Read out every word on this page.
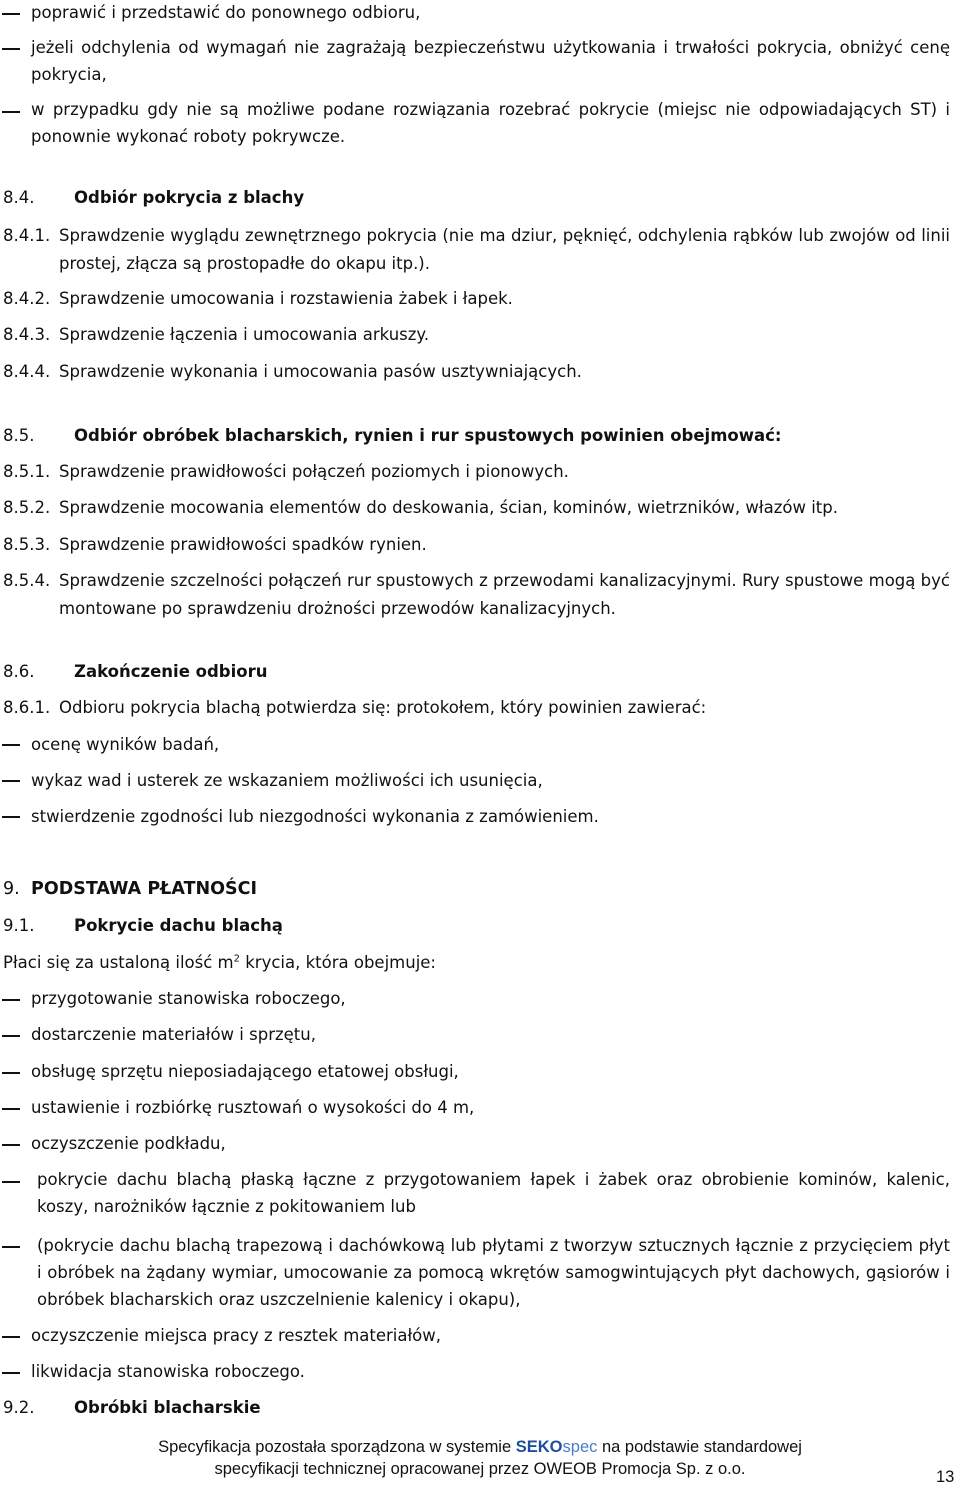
poprawić i przedstawić do ponownego odbioru,
jeżeli odchylenia od wymagań nie zagrażają bezpieczeństwu użytkowania i trwałości pokrycia, obniżyć cenę pokrycia,
w przypadku gdy nie są możliwe podane rozwiązania rozebrać pokrycie (miejsc nie odpowiadających ST) i ponownie wykonać roboty pokrywcze.
8.4. Odbiór pokrycia z blachy
8.4.1. Sprawdzenie wyglądu zewnętrznego pokrycia (nie ma dziur, pęknięć, odchylenia rąbków lub zwojów od linii prostej, złącza są prostopadłe do okapu itp.).
8.4.2. Sprawdzenie umocowania i rozstawienia żabek i łapek.
8.4.3. Sprawdzenie łączenia i umocowania arkuszy.
8.4.4. Sprawdzenie wykonania i umocowania pasów usztywniających.
8.5. Odbiór obróbek blacharskich, rynien i rur spustowych powinien obejmować:
8.5.1. Sprawdzenie prawidłowości połączeń poziomych i pionowych.
8.5.2. Sprawdzenie mocowania elementów do deskowania, ścian, kominów, wietrzników, włazów itp.
8.5.3. Sprawdzenie prawidłowości spadków rynien.
8.5.4. Sprawdzenie szczelności połączeń rur spustowych z przewodami kanalizacyjnymi. Rury spustowe mogą być montowane po sprawdzeniu drożności przewodów kanalizacyjnych.
8.6. Zakończenie odbioru
8.6.1. Odbioru pokrycia blachą potwierdza się: protokołem, który powinien zawierać:
ocenę wyników badań,
wykaz wad i usterek ze wskazaniem możliwości ich usunięcia,
stwierdzenie zgodności lub niezgodności wykonania z zamówieniem.
9. PODSTAWA PŁATNOŚCI
9.1. Pokrycie dachu blachą
Płaci się za ustaloną ilość $m^2$ krycia, która obejmuje:
przygotowanie stanowiska roboczego,
dostarczenie materiałów i sprzętu,
obsługę sprzętu nieposiadającego etatowej obsługi,
ustawienie i rozbiórkę rusztowań o wysokości do 4 m,
oczyszczenie podkładu,
pokrycie dachu blachą płaską łączne z przygotowaniem łapek i żabek oraz obrobienie kominów, kalenic, koszy, narożników łącznie z pokitowaniem lub
(pokrycie dachu blachą trapezową i dachówkową lub płytami z tworzyw sztucznych łącznie z przycięciem płyt i obróbek na żądany wymiar, umocowanie za pomocą wkrętów samogwintujących płyt dachowych, gąsiorów i obróbek blacharskich oraz uszczelnienie kalenicy i okapu),
oczyszczenie miejsca pracy z resztek materiałów,
likwidacja stanowiska roboczego.
9.2. Obróbki blacharskie
Specyfikacja pozostała sporządzona w systemie SEKOspec na podstawie standardowej
specyfikacji technicznej opracowanej przez OWEOB Promocja Sp. z o.o.	13
